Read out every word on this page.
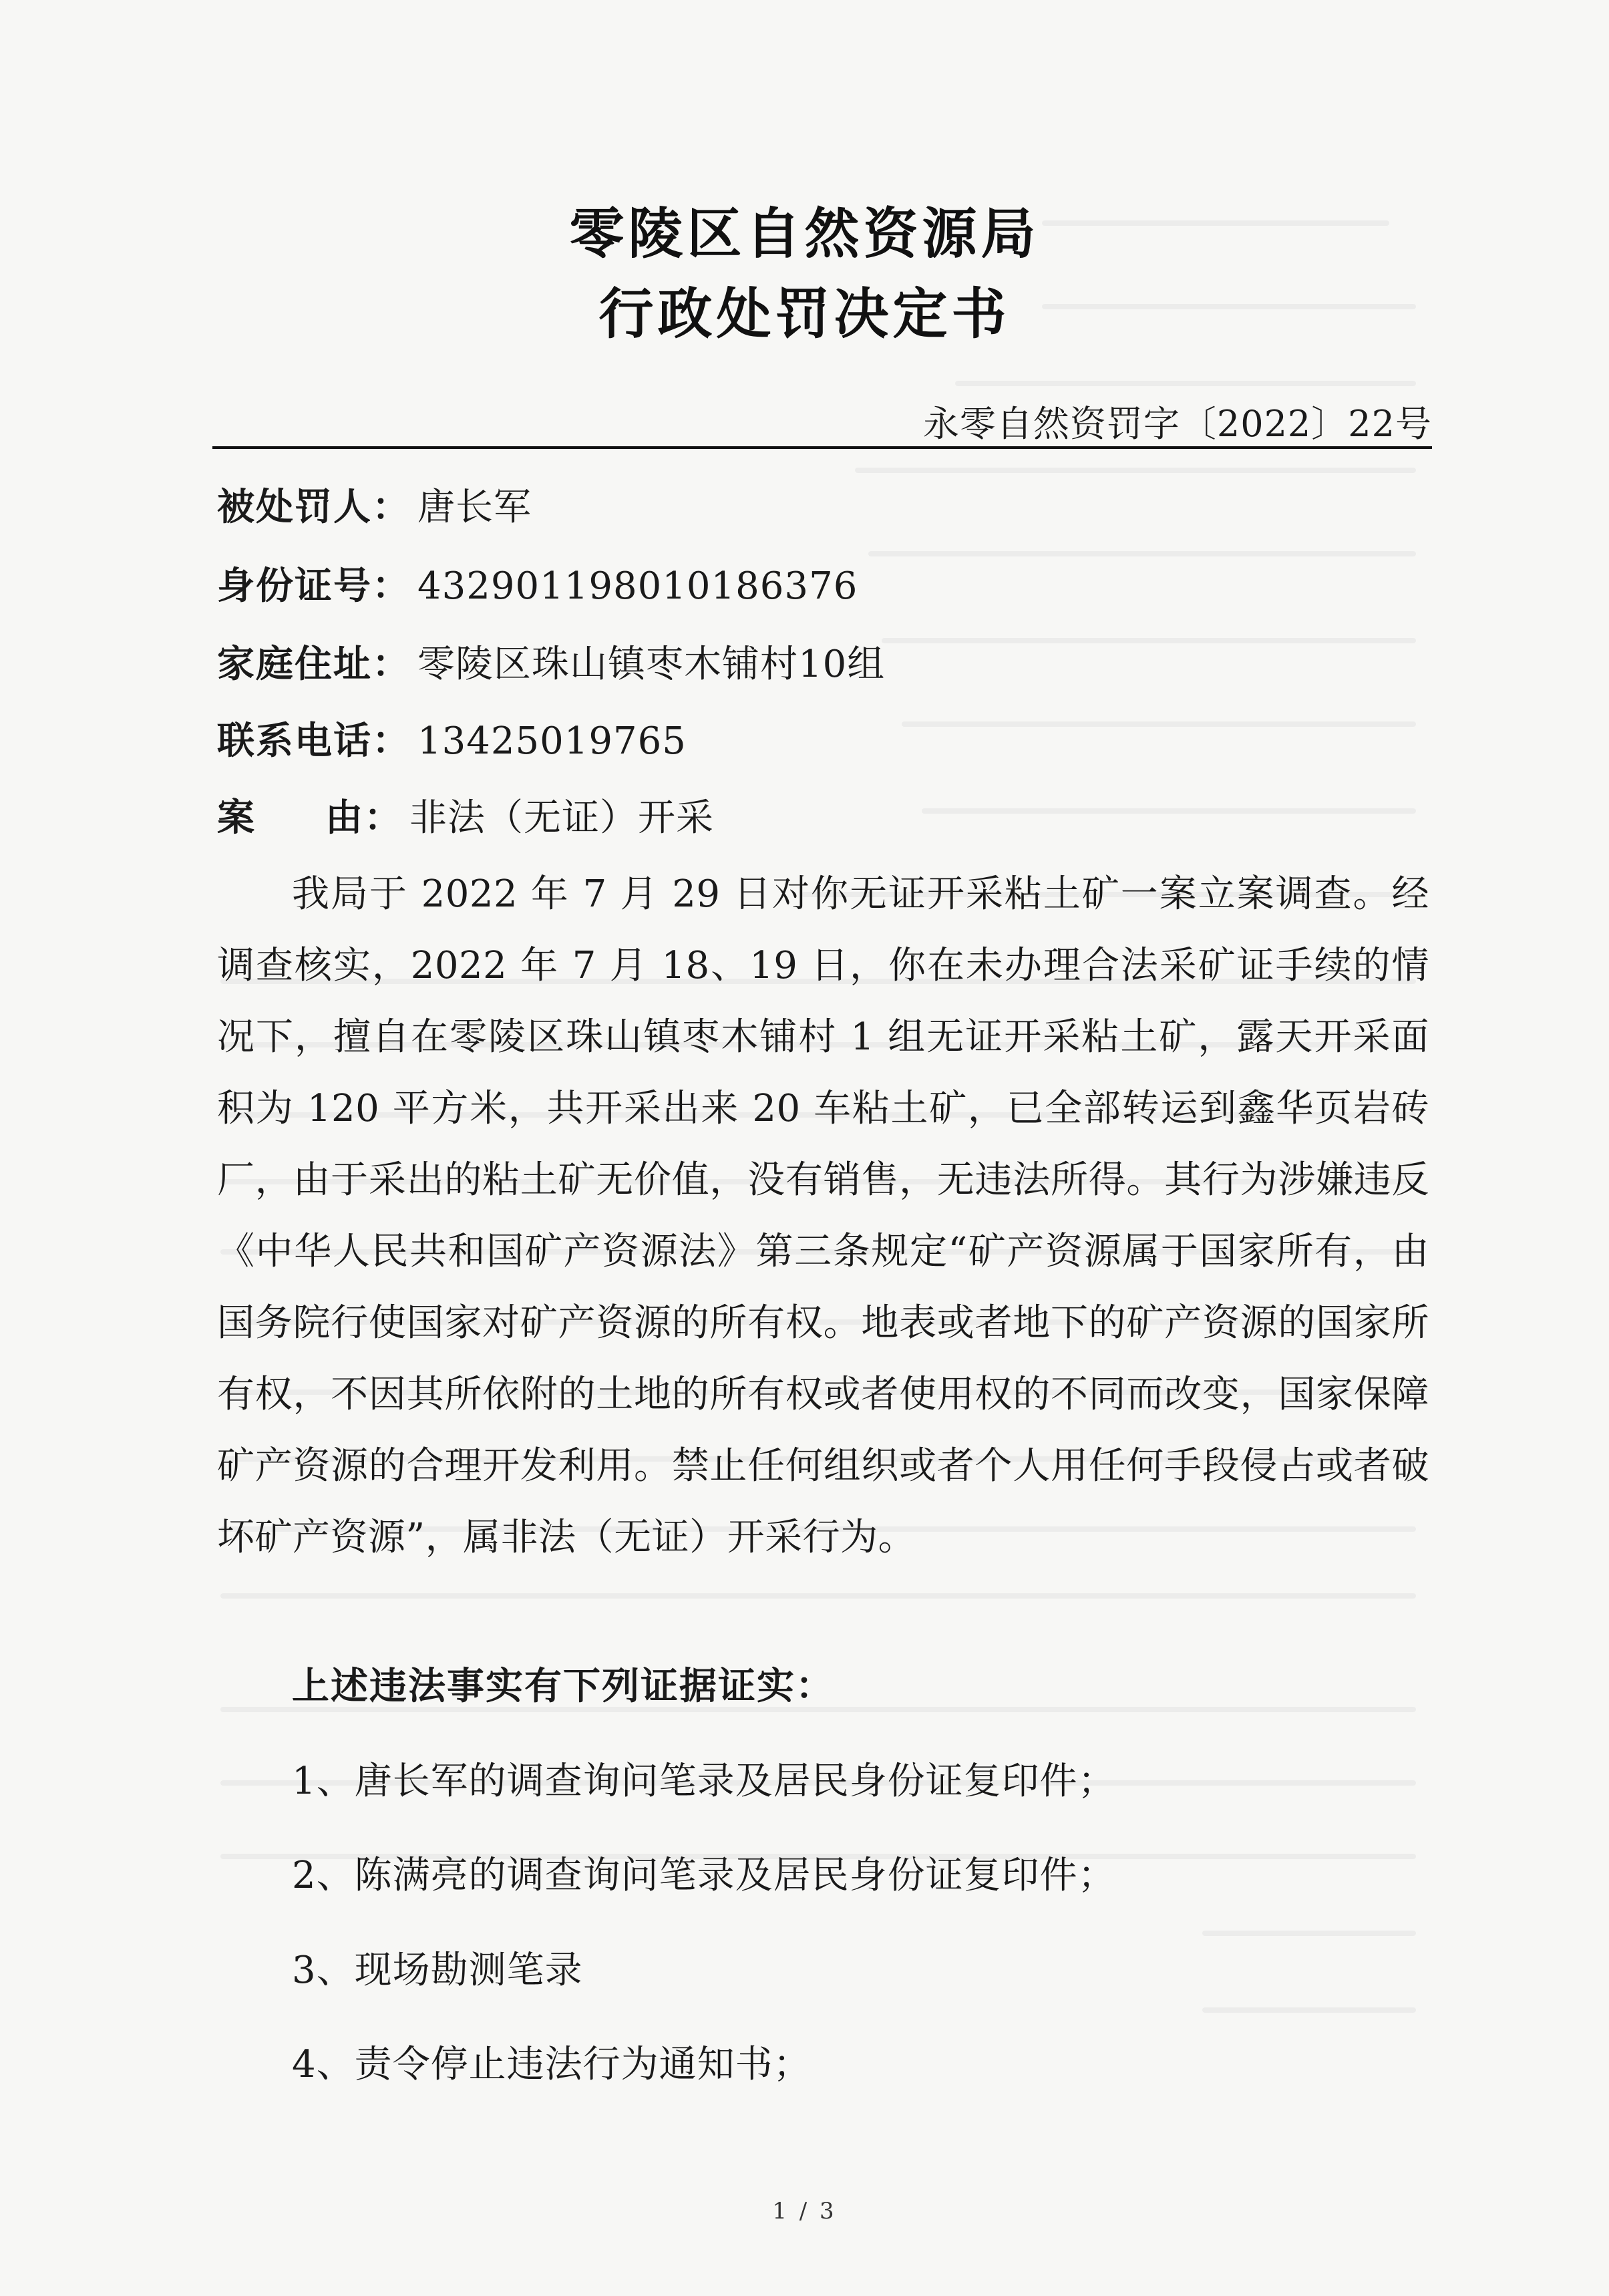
零陵区自然资源局
行政处罚决定书
永零自然资罚字〔2022〕22号
被处罚人： 唐长军
身份证号： 432901198010186376
家庭住址： 零陵区珠山镇枣木铺村10组
联系电话： 13425019765
案 由： 非法（无证）开采

我局于 2022 年 7 月 29 日对你无证开采粘土矿一案立案调查。经调查核实，2022 年 7 月 18、19 日，你在未办理合法采矿证手续的情况下，擅自在零陵区珠山镇枣木铺村 1 组无证开采粘土矿，露天开采面积为 120 平方米，共开采出来 20 车粘土矿，已全部转运到鑫华页岩砖厂，由于采出的粘土矿无价值，没有销售，无违法所得。其行为涉嫌违反《中华人民共和国矿产资源法》第三条规定“矿产资源属于国家所有，由国务院行使国家对矿产资源的所有权。地表或者地下的矿产资源的国家所有权，不因其所依附的土地的所有权或者使用权的不同而改变，国家保障矿产资源的合理开发利用。禁止任何组织或者个人用任何手段侵占或者破坏矿产资源”，属非法（无证）开采行为。

上述违法事实有下列证据证实：
1、唐长军的调查询问笔录及居民身份证复印件；
2、陈满亮的调查询问笔录及居民身份证复印件；
3、现场勘测笔录
4、责令停止违法行为通知书；
1 / 3
